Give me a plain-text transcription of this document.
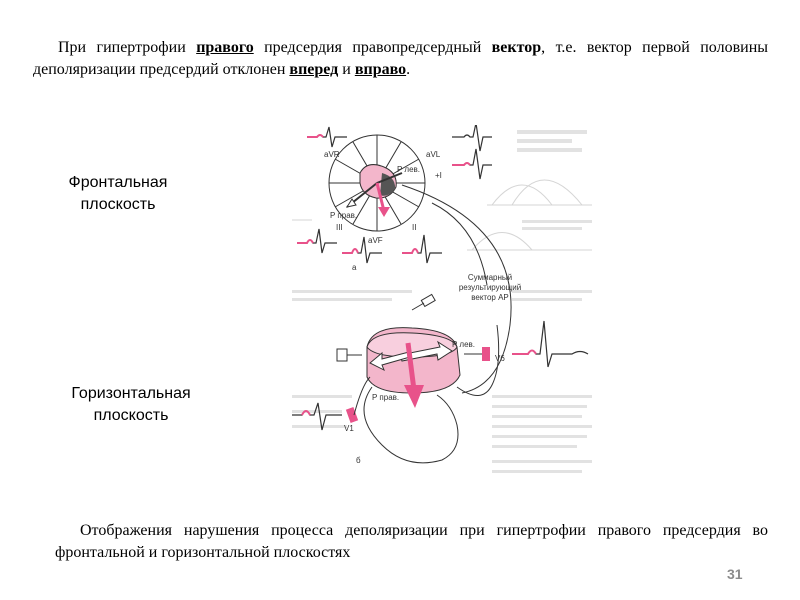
При гипертрофии правого предсердия правопредсердный вектор, т.е. вектор первой половины деполяризации предсердий отклонен вперед и вправо.
Фронтальная плоскость
Горизонтальная плоскость
aVR	aVL
+I
III
aVF
II
P лев.
P прав.
а
Суммарный
результирующий
вектор АР
P лев.
P прав.
V6
V1
б
Отображения нарушения процесса деполяризации при гипертрофии правого предсердия во фронтальной и горизонтальной плоскостях
31
